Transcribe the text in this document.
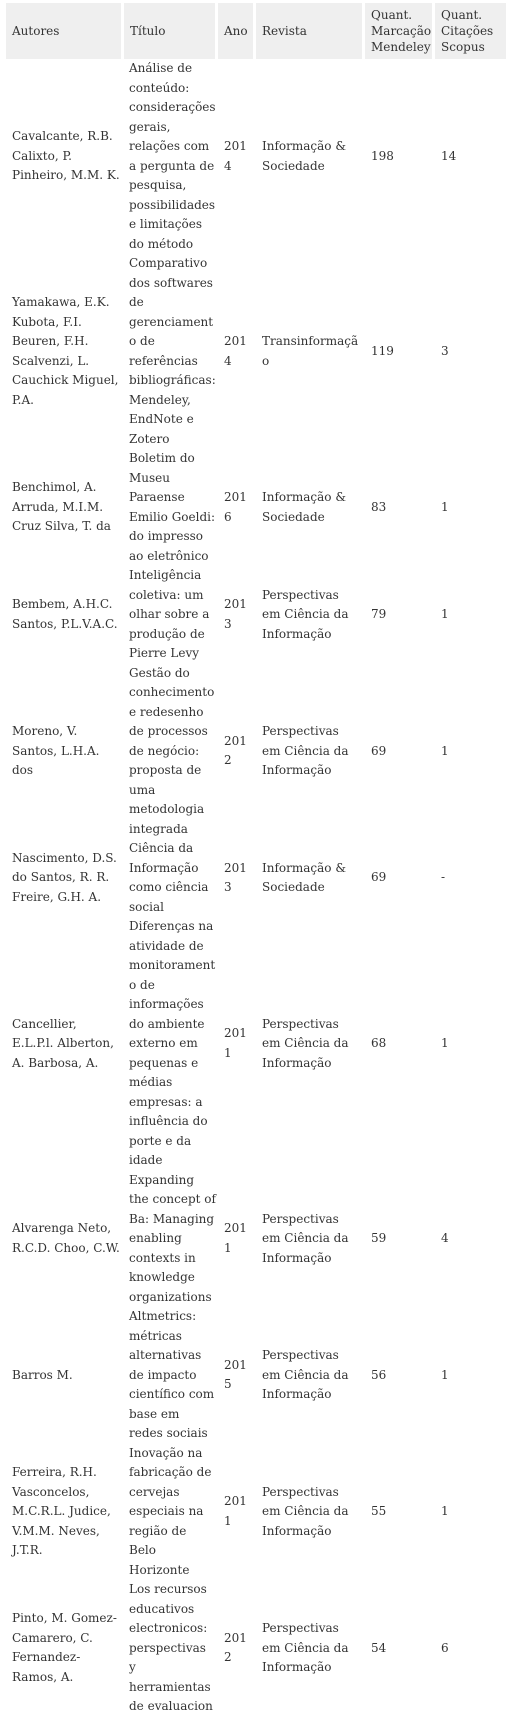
Autores	Título	Ano	Revista	Quant. Marcação Mendeley	Quant. Citações Scopus
Cavalcante, R.B. Calixto, P. Pinheiro, M.M. K.	Análise de conteúdo: considerações gerais, relações com a pergunta de pesquisa, possibilidades e limitações do método	2014	Informação & Sociedade	198	14
Yamakawa, E.K. Kubota, F.I. Beuren, F.H. Scalvenzi, L. Cauchick Miguel, P.A.	Comparativo dos softwares de gerenciamento de referências bibliográficas: Mendeley, EndNote e Zotero	2014	Transinformação	119	3
Benchimol, A. Arruda, M.I.M. Cruz Silva, T. da	Boletim do Museu Paraense Emilio Goeldi: do impresso ao eletrônico	2016	Informação & Sociedade	83	1
Bembem, A.H.C. Santos, P.L.V.A.C.	Inteligência coletiva: um olhar sobre a produção de Pierre Levy	2013	Perspectivas em Ciência da Informação	79	1
Moreno, V. Santos, L.H.A. dos	Gestão do conhecimento e redesenho de processos de negócio: proposta de uma metodologia integrada	2012	Perspectivas em Ciência da Informação	69	1
Nascimento, D.S. do Santos, R. R. Freire, G.H. A.	Ciência da Informação como ciência social	2013	Informação & Sociedade	69	-
Cancellier, E.L.P.l. Alberton, A. Barbosa, A.	Diferenças na atividade de monitoramento de informações do ambiente externo em pequenas e médias empresas: a influência do porte e da idade	2011	Perspectivas em Ciência da Informação	68	1
Alvarenga Neto, R.C.D. Choo, C.W.	Expanding the concept of Ba: Managing enabling contexts in knowledge organizations	2011	Perspectivas em Ciência da Informação	59	4
Barros M.	Altmetrics: métricas alternativas de impacto científico com base em redes sociais	2015	Perspectivas em Ciência da Informação	56	1
Ferreira, R.H. Vasconcelos, M.C.R.L. Judice, V.M.M. Neves, J.T.R.	Inovação na fabricação de cervejas especiais na região de Belo Horizonte	2011	Perspectivas em Ciência da Informação	55	1
Pinto, M. Gomez-Camarero, C. Fernandez-Ramos, A.	Los recursos educativos electronicos: perspectivas y herramientas de evaluacion	2012	Perspectivas em Ciência da Informação	54	6
